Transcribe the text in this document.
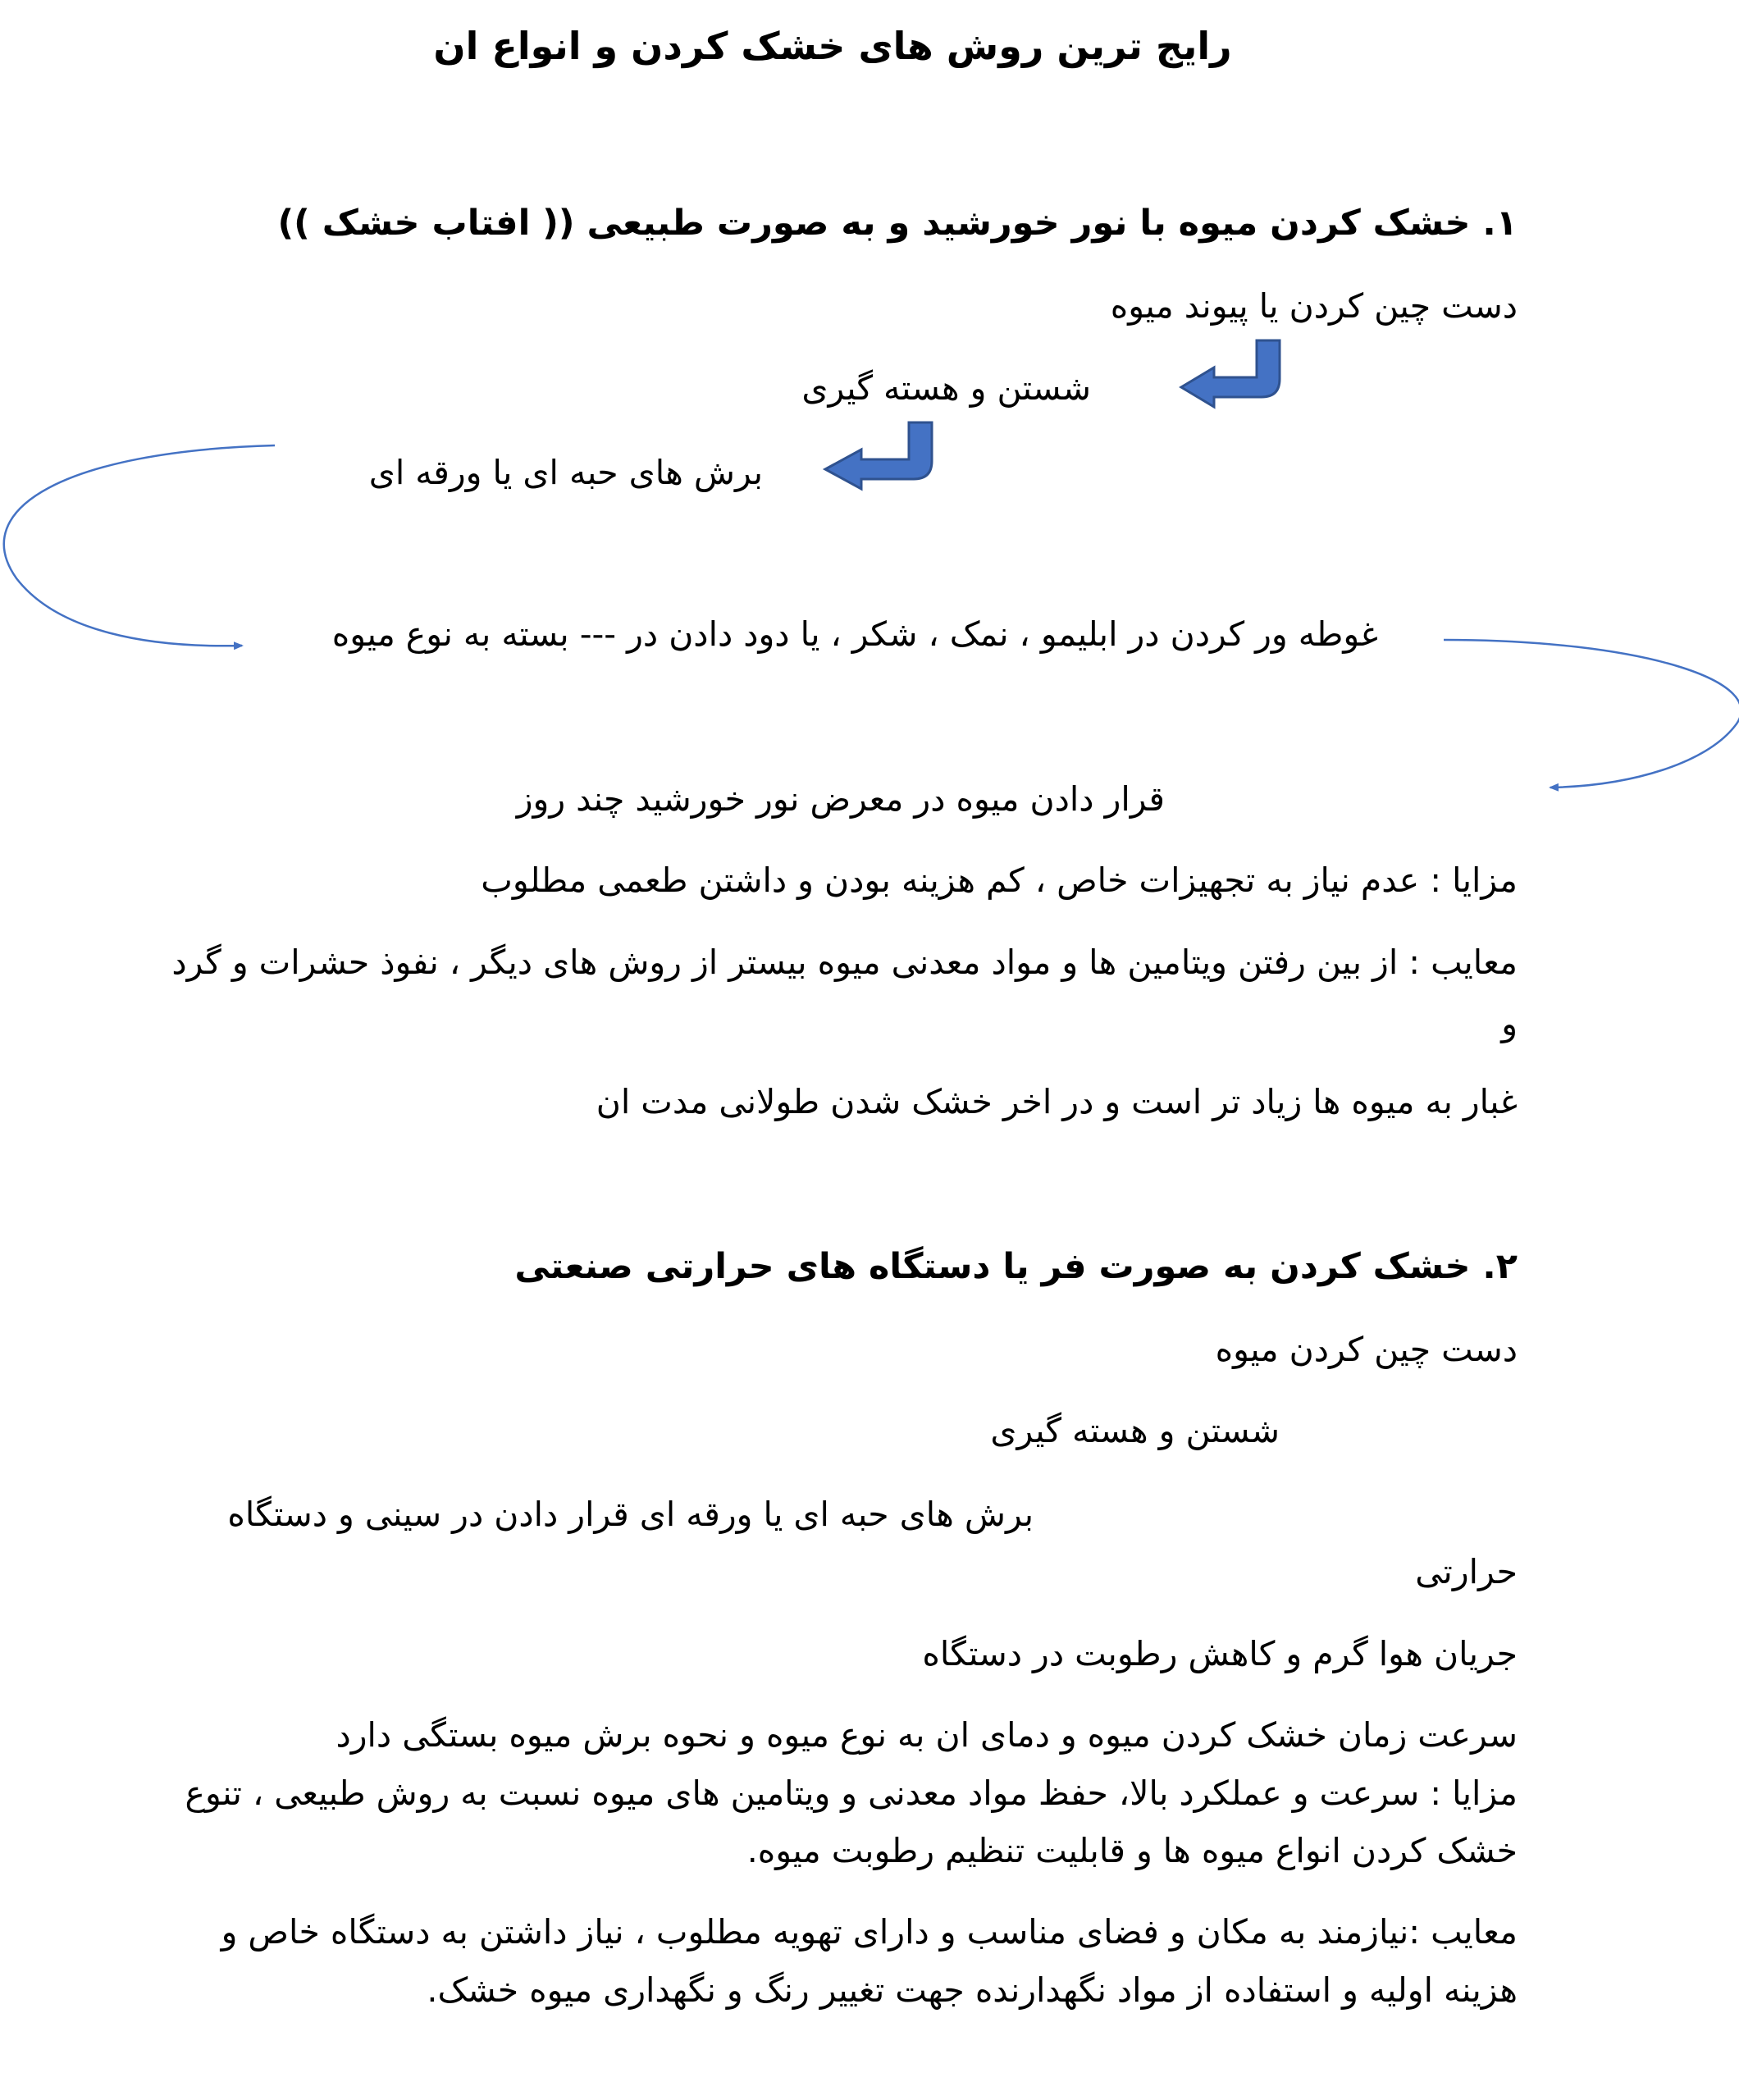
رایج ترین روش های خشک کردن و انواع ان
۱. خشک کردن میوه با نور خورشید و به صورت طبیعی (( افتاب خشک ))
دست چین کردن یا پیوند میوه
شستن و هسته گیری
برش های حبه ای یا ورقه ای
غوطه ور کردن در ابلیمو ، نمک ، شکر ، یا دود دادن در --- بسته به نوع میوه
قرار دادن میوه در معرض نور خورشید چند روز
مزایا : عدم نیاز به تجهیزات خاص ، کم هزینه بودن و داشتن طعمی مطلوب
معایب : از بین رفتن ویتامین ها و مواد معدنی میوه بیستر از روش های دیگر ، نفوذ حشرات و گرد
و
غبار به میوه ها زیاد تر است و در اخر خشک شدن طولانی مدت ان
۲. خشک کردن به صورت فر یا دستگاه های حرارتی صنعتی
دست چین کردن میوه
شستن و هسته گیری
برش های حبه ای یا ورقه ای قرار دادن در سینی و دستگاه
حرارتی
جریان هوا گرم و کاهش رطوبت در دستگاه
سرعت زمان خشک کردن میوه و دمای ان به نوع میوه و نحوه برش میوه بستگی دارد
مزایا : سرعت و عملکرد بالا، حفظ مواد معدنی و ویتامین های میوه نسبت به روش طبیعی ، تنوع
خشک کردن انواع میوه ها و قابلیت تنظیم رطوبت میوه.
معایب :نیازمند به مکان و فضای مناسب و دارای تهویه مطلوب ، نیاز داشتن به دستگاه خاص و
هزینه اولیه و استفاده از مواد نگهدارنده جهت تغییر رنگ و نگهداری میوه خشک.
